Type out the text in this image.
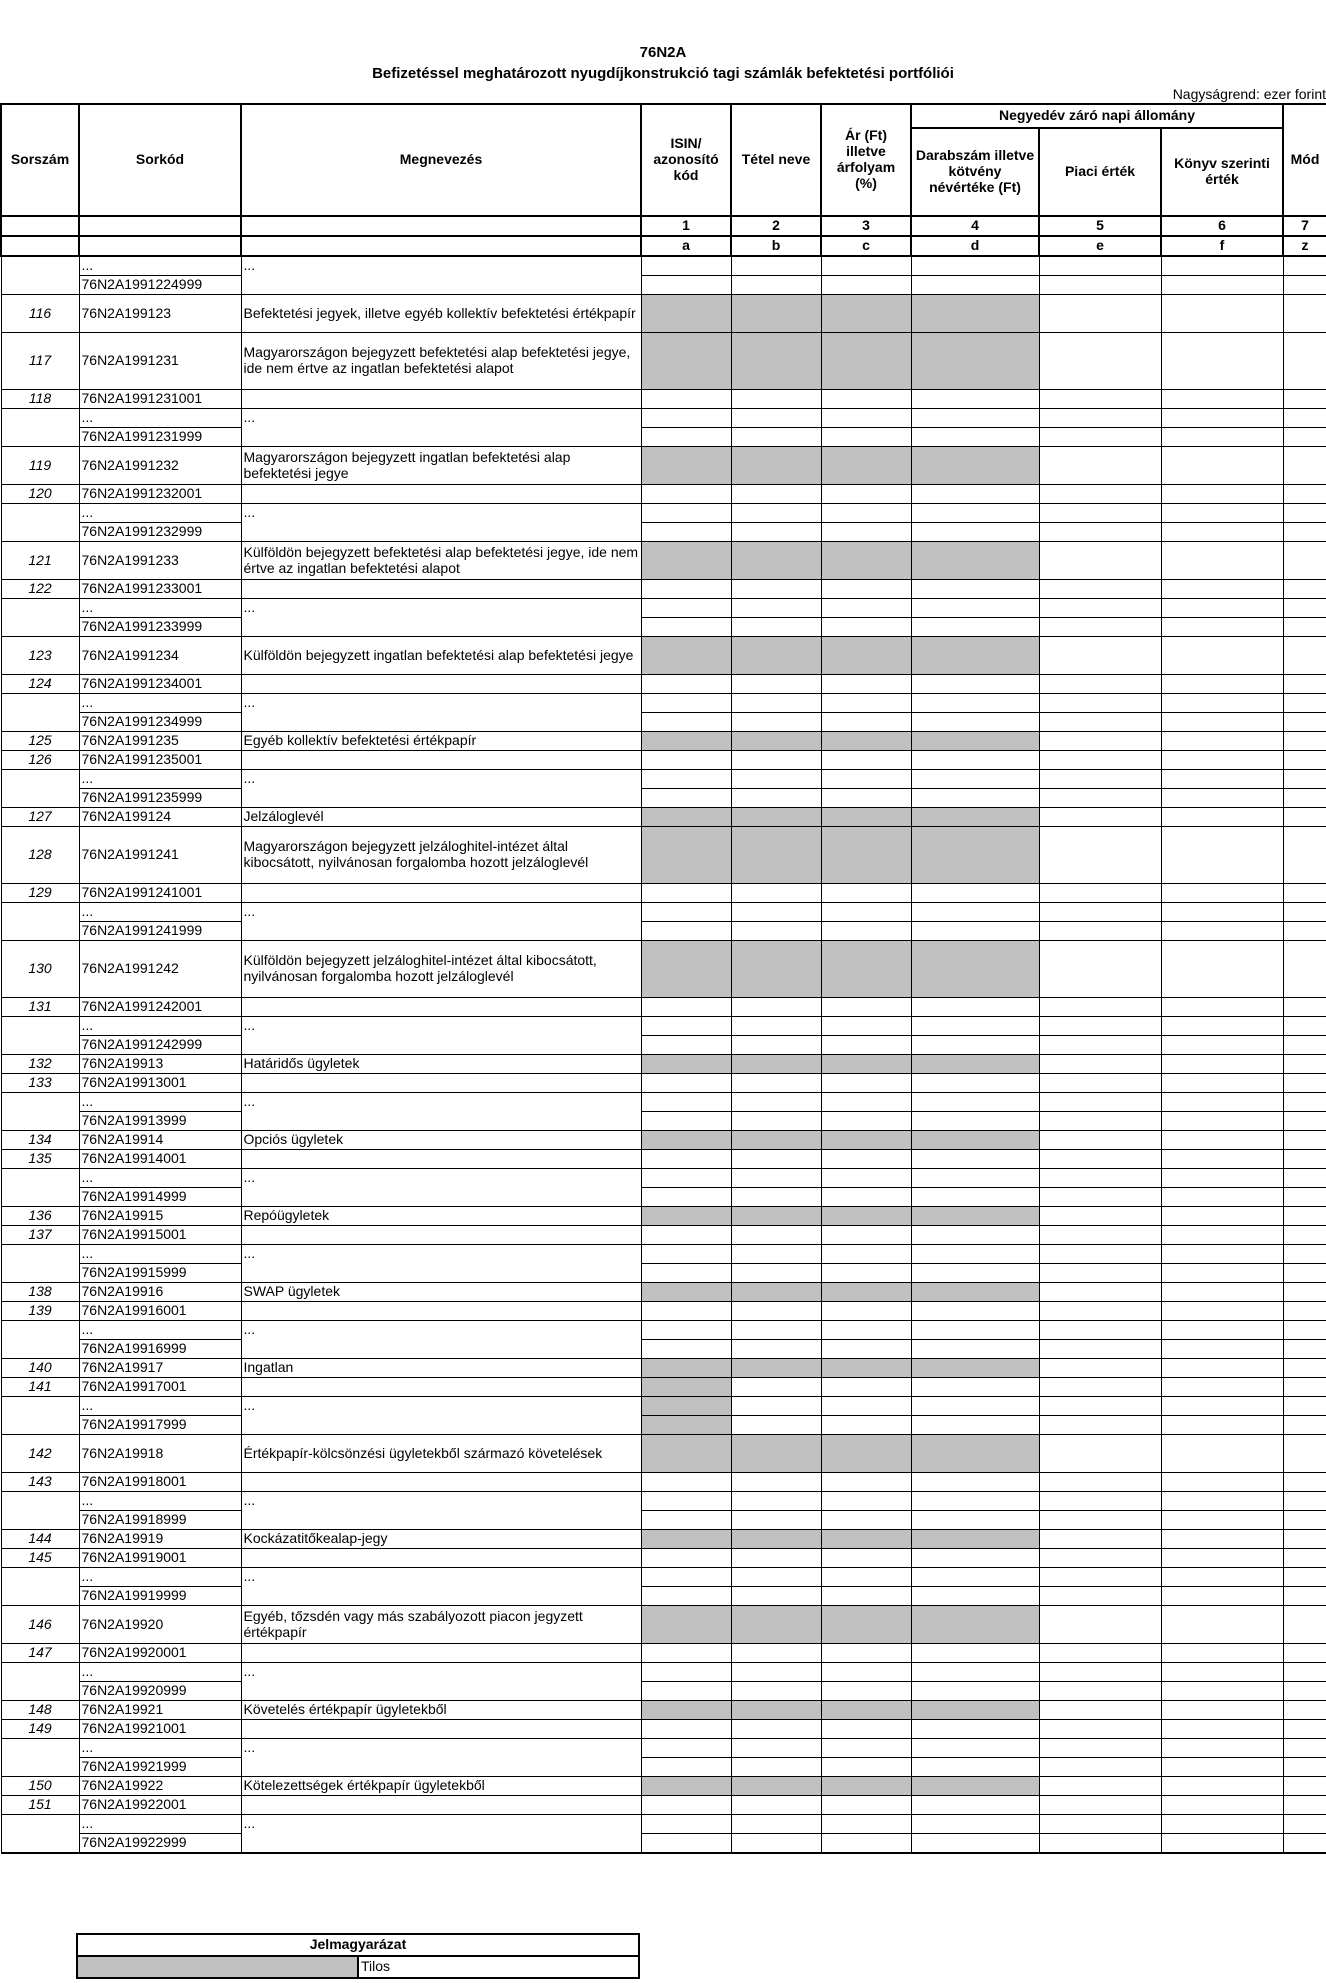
76N2A
Befizetéssel meghatározott nyugdíjkonstrukció tagi számlák befektetési portfóliói
Nagyságrend: ezer forint
Sorszám	Sorkód	Megnevezés	ISIN/ azonosító kód	Tétel neve	Ár (Ft) illetve árfolyam (%)	Negyedév záró napi állomány			Mód
						Darabszám illetve kötvény névértéke (Ft)	Piaci érték	Könyv szerinti érték	
			1	2	3	4	5	6	7
			a	b	c	d	e	f	z
	...	...							
	76N2A1991224999								
116	76N2A199123	Befektetési jegyek, illetve egyéb kollektív befektetési értékpapír							
117	76N2A1991231	Magyarországon bejegyzett befektetési alap befektetési jegye, ide nem értve az ingatlan befektetési alapot							
118	76N2A1991231001								
	...	...							
	76N2A1991231999								
119	76N2A1991232	Magyarországon bejegyzett ingatlan befektetési alap befektetési jegye							
120	76N2A1991232001								
	...	...							
	76N2A1991232999								
121	76N2A1991233	Külföldön bejegyzett befektetési alap befektetési jegye, ide nem értve az ingatlan befektetési alapot							
122	76N2A1991233001								
	...	...							
	76N2A1991233999								
123	76N2A1991234	Külföldön bejegyzett ingatlan befektetési alap befektetési jegye							
124	76N2A1991234001								
	...	...							
	76N2A1991234999								
125	76N2A1991235	Egyéb kollektív befektetési értékpapír							
126	76N2A1991235001								
	...	...							
	76N2A1991235999								
127	76N2A199124	Jelzáloglevél							
128	76N2A1991241	Magyarországon bejegyzett jelzáloghitel-intézet által kibocsátott, nyilvánosan forgalomba hozott jelzáloglevél							
129	76N2A1991241001								
	...	...							
	76N2A1991241999								
130	76N2A1991242	Külföldön bejegyzett jelzáloghitel-intézet által kibocsátott, nyilvánosan forgalomba hozott jelzáloglevél							
131	76N2A1991242001								
	...	...							
	76N2A1991242999								
132	76N2A19913	Határidős ügyletek							
133	76N2A19913001								
	...	...							
	76N2A19913999								
134	76N2A19914	Opciós ügyletek							
135	76N2A19914001								
	...	...							
	76N2A19914999								
136	76N2A19915	Repóügyletek							
137	76N2A19915001								
	...	...							
	76N2A19915999								
138	76N2A19916	SWAP ügyletek							
139	76N2A19916001								
	...	...							
	76N2A19916999								
140	76N2A19917	Ingatlan							
141	76N2A19917001								
	...	...							
	76N2A19917999								
142	76N2A19918	Értékpapír-kölcsönzési ügyletekből származó követelések							
143	76N2A19918001								
	...	...							
	76N2A19918999								
144	76N2A19919	Kockázatitőkealap-jegy							
145	76N2A19919001								
	...	...							
	76N2A19919999								
146	76N2A19920	Egyéb, tőzsdén vagy más szabályozott piacon jegyzett értékpapír							
147	76N2A19920001								
	...	...							
	76N2A19920999								
148	76N2A19921	Követelés értékpapír ügyletekből							
149	76N2A19921001								
	...	...							
	76N2A19921999								
150	76N2A19922	Kötelezettségek értékpapír ügyletekből							
151	76N2A19922001								
	...	...							
	76N2A19922999								
Jelmagyarázat
	Tilos
